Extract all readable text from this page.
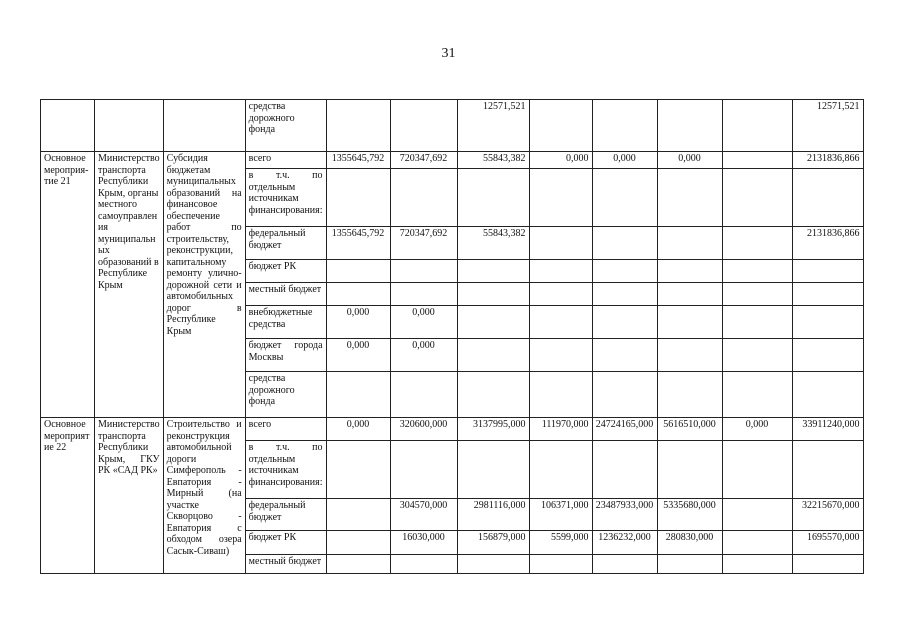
31
			средства дорожного фонда			12571,521					12571,521
Основное мероприя-тие 21	Министерство транспорта Республики Крым, органы местного самоуправлен ия муниципальн ых образований в Республике Крым	Субсидия бюджетам муниципальных образований на финансовое обеспечение работ по строительству, реконструкции, капитальному ремонту улично-дорожной сети и автомобильных дорог в Республике Крым	всего	1355645,792	720347,692	55843,382	0,000	0,000	0,000		2131836,866
			в т.ч. по отдельным источникам финансирования:								
			федеральный бюджет	1355645,792	720347,692	55843,382					2131836,866
			бюджет РК								
			местный бюджет								
			внебюджетные средства	0,000	0,000						
			бюджет города Москвы	0,000	0,000						
			средства дорожного фонда								
Основное мероприят ие 22	Министерство транспорта Республики Крым, ГКУ РК «САД РК»	Строительство и реконструкция автомобильной дороги Симферополь - Евпатория - Мирный (на участке Скворцово - Евпатория с обходом озера Сасык-Сиваш)	всего	0,000	320600,000	3137995,000	111970,000	24724165,000	5616510,000	0,000	33911240,000
			в т.ч. по отдельным источникам финансирования:								
			федеральный бюджет		304570,000	2981116,000	106371,000	23487933,000	5335680,000		32215670,000
			бюджет РК		16030,000	156879,000	5599,000	1236232,000	280830,000		1695570,000
			местный бюджет								
